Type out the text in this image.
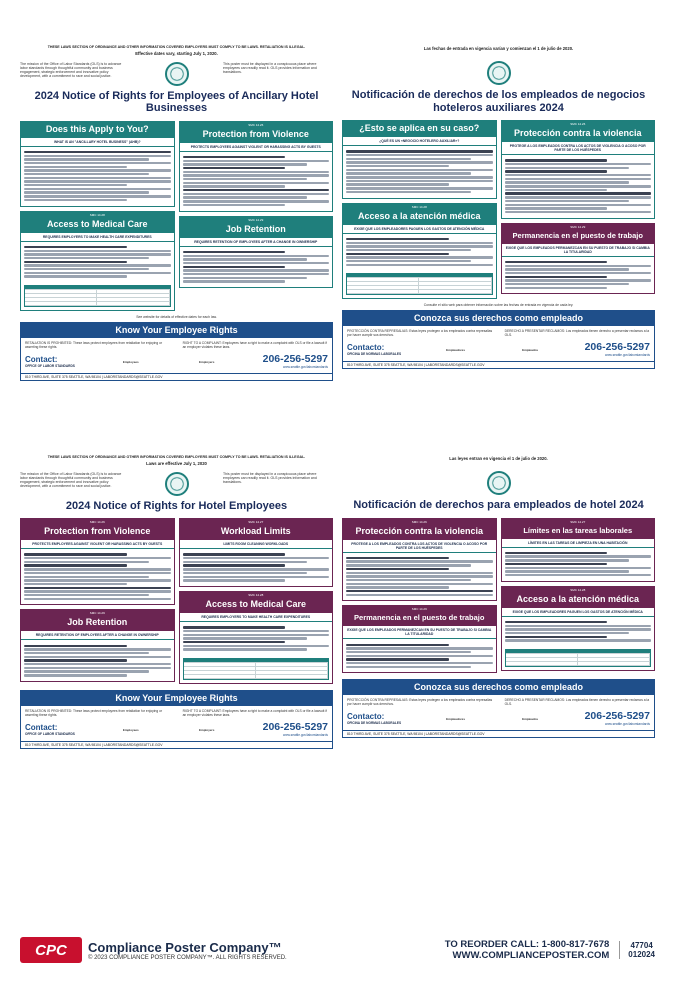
THESE LAWS SECTION OF ORDINANCE AND OTHER INFORMATION COVERED EMPLOYERS MUST COMPLY TO BE LAWS. RETALIATION IS ILLEGAL.
Effective dates vary, starting July 1, 2020.

The mission of the Office of Labor Standards (OLS) is to advance labor standards through thoughtful community and business engagement, strategic enforcement and innovative policy development, with a commitment to race and social justice.

This poster must be displayed in a conspicuous place where employees can readily read it. OLS provides information and translations.

2024 Notice of Rights for Employees of Ancillary Hotel Businesses
Does this Apply to You?
WHAT IS AN "ANCILLARY HOTEL BUSINESS" (AHB)?
SMC 14.28
Access to Medical Care
REQUIRES EMPLOYERS TO MAKE HEALTH CARE EXPENDITURES
SMC 14.26
Protection from Violence
PROTECTS EMPLOYEES AGAINST VIOLENT OR HARASSING ACTS BY GUESTS
SMC 14.29
Job Retention
REQUIRES RETENTION OF EMPLOYEES AFTER A CHANGE IN OWNERSHIP
See website for details of effective dates for each law.
Know Your Employee Rights
RETALIATION IS PROHIBITED: These laws protect employees from retaliation for enjoying or asserting these rights.
RIGHT TO A COMPLAINT: Employees have a right to make a complaint with OLS or file a lawsuit if an employer violates these laws.
Contact:
OFFICE OF LABOR STANDARDS
Employees	Employers	206-256-5297
www.seattle.gov/laborstandards
810 THIRD AVE, SUITE 375 SEATTLE, WA 98104 | LABORSTANDARDS@SEATTLE.GOV
Las fechas de entrada en vigencia varían y comienzan el 1 de julio de 2020.

Notificación de derechos de los empleados de negocios hoteleros auxiliares 2024
¿Esto se aplica en su caso?
¿QUÉ ES UN «NEGOCIO HOTELERO AUXILIAR»?
SMC 14.28
Acceso a la atención médica
EXIGE QUE LOS EMPLEADORES PAGUEN LOS GASTOS DE ATENCIÓN MÉDICA
SMC 14.26
Protección contra la violencia
PROTEGE A LOS EMPLEADOS CONTRA LOS ACTOS DE VIOLENCIA O ACOSO POR PARTE DE LOS HUÉSPEDES
SMC 14.29
Permanencia en el puesto de trabajo
EXIGE QUE LOS EMPLEADOS PERMANEZCAN EN SU PUESTO DE TRABAJO SI CAMBIA LA TITULARIDAD
Consulte el sitio web para obtener información sobre las fechas de entrada en vigencia de cada ley.
Conozca sus derechos como empleado
PROTECCIÓN CONTRA REPRESALIAS: Estas leyes protegen a los empleados contra represalias por hacer cumplir sus derechos.
DERECHO A PRESENTAR RECLAMOS: Los empleados tienen derecho a presentar reclamos a la OLS.
Contacto:
OFICINA DE NORMAS LABORALES
Empleadores	Empleados	206-256-5297
www.seattle.gov/laborstandards
810 THIRD AVE, SUITE 375 SEATTLE, WA 98104 | LABORSTANDARDS@SEATTLE.GOV
THESE LAWS SECTION OF ORDINANCE AND OTHER INFORMATION COVERED EMPLOYERS MUST COMPLY TO BE LAWS. RETALIATION IS ILLEGAL.
Laws are effective July 1, 2020

The mission of the Office of Labor Standards (OLS) is to advance labor standards through thoughtful community and business engagement, strategic enforcement and innovative policy development, with a commitment to race and social justice.

This poster must be displayed in a conspicuous place where employees can readily read it. OLS provides information and translations.

2024 Notice of Rights for Hotel Employees
SMC 14.26
Protection from Violence
PROTECTS EMPLOYEES AGAINST VIOLENT OR HARASSING ACTS BY GUESTS
SMC 14.29
Job Retention
REQUIRES RETENTION OF EMPLOYEES AFTER A CHANGE IN OWNERSHIP
SMC 14.27
Workload Limits
LIMITS ROOM CLEANING WORKLOADS
SMC 14.28
Access to Medical Care
REQUIRES EMPLOYERS TO MAKE HEALTH CARE EXPENDITURES
Know Your Employee Rights
RETALIATION IS PROHIBITED: These laws protect employees from retaliation for enjoying or asserting these rights.
RIGHT TO A COMPLAINT: Employees have a right to make a complaint with OLS or file a lawsuit if an employer violates these laws.
Contact:
OFFICE OF LABOR STANDARDS
Employees	Employers	206-256-5297
www.seattle.gov/laborstandards
810 THIRD AVE, SUITE 375 SEATTLE, WA 98104 | LABORSTANDARDS@SEATTLE.GOV
Las leyes entran en vigencia el 1 de julio de 2020.

Notificación de derechos para empleados de hotel 2024
SMC 14.26
Protección contra la violencia
PROTEGE A LOS EMPLEADOS CONTRA LOS ACTOS DE VIOLENCIA O ACOSO POR PARTE DE LOS HUÉSPEDES
SMC 14.29
Permanencia en el puesto de trabajo
EXIGE QUE LOS EMPLEADOS PERMANEZCAN EN SU PUESTO DE TRABAJO SI CAMBIA LA TITULARIDAD
SMC 14.27
Límites en las tareas laborales
LÍMITES EN LAS TAREAS DE LIMPIEZA EN UNA HABITACIÓN
SMC 14.28
Acceso a la atención médica
EXIGE QUE LOS EMPLEADORES PAGUEN LOS GASTOS DE ATENCIÓN MÉDICA
Conozca sus derechos como empleado
PROTECCIÓN CONTRA REPRESALIAS: Estas leyes protegen a los empleados contra represalias por hacer cumplir sus derechos.
DERECHO A PRESENTAR RECLAMOS: Los empleados tienen derecho a presentar reclamos a la OLS.
Contacto:
OFICINA DE NORMAS LABORALES
Empleadores	Empleados	206-256-5297
www.seattle.gov/laborstandards
810 THIRD AVE, SUITE 375 SEATTLE, WA 98104 | LABORSTANDARDS@SEATTLE.GOV
CPC	Compliance Poster Company™
© 2023 COMPLIANCE POSTER COMPANY™. ALL RIGHTS RESERVED.
TO REORDER CALL: 1-800-817-7678
WWW.COMPLIANCEPOSTER.COM
47704
012024
